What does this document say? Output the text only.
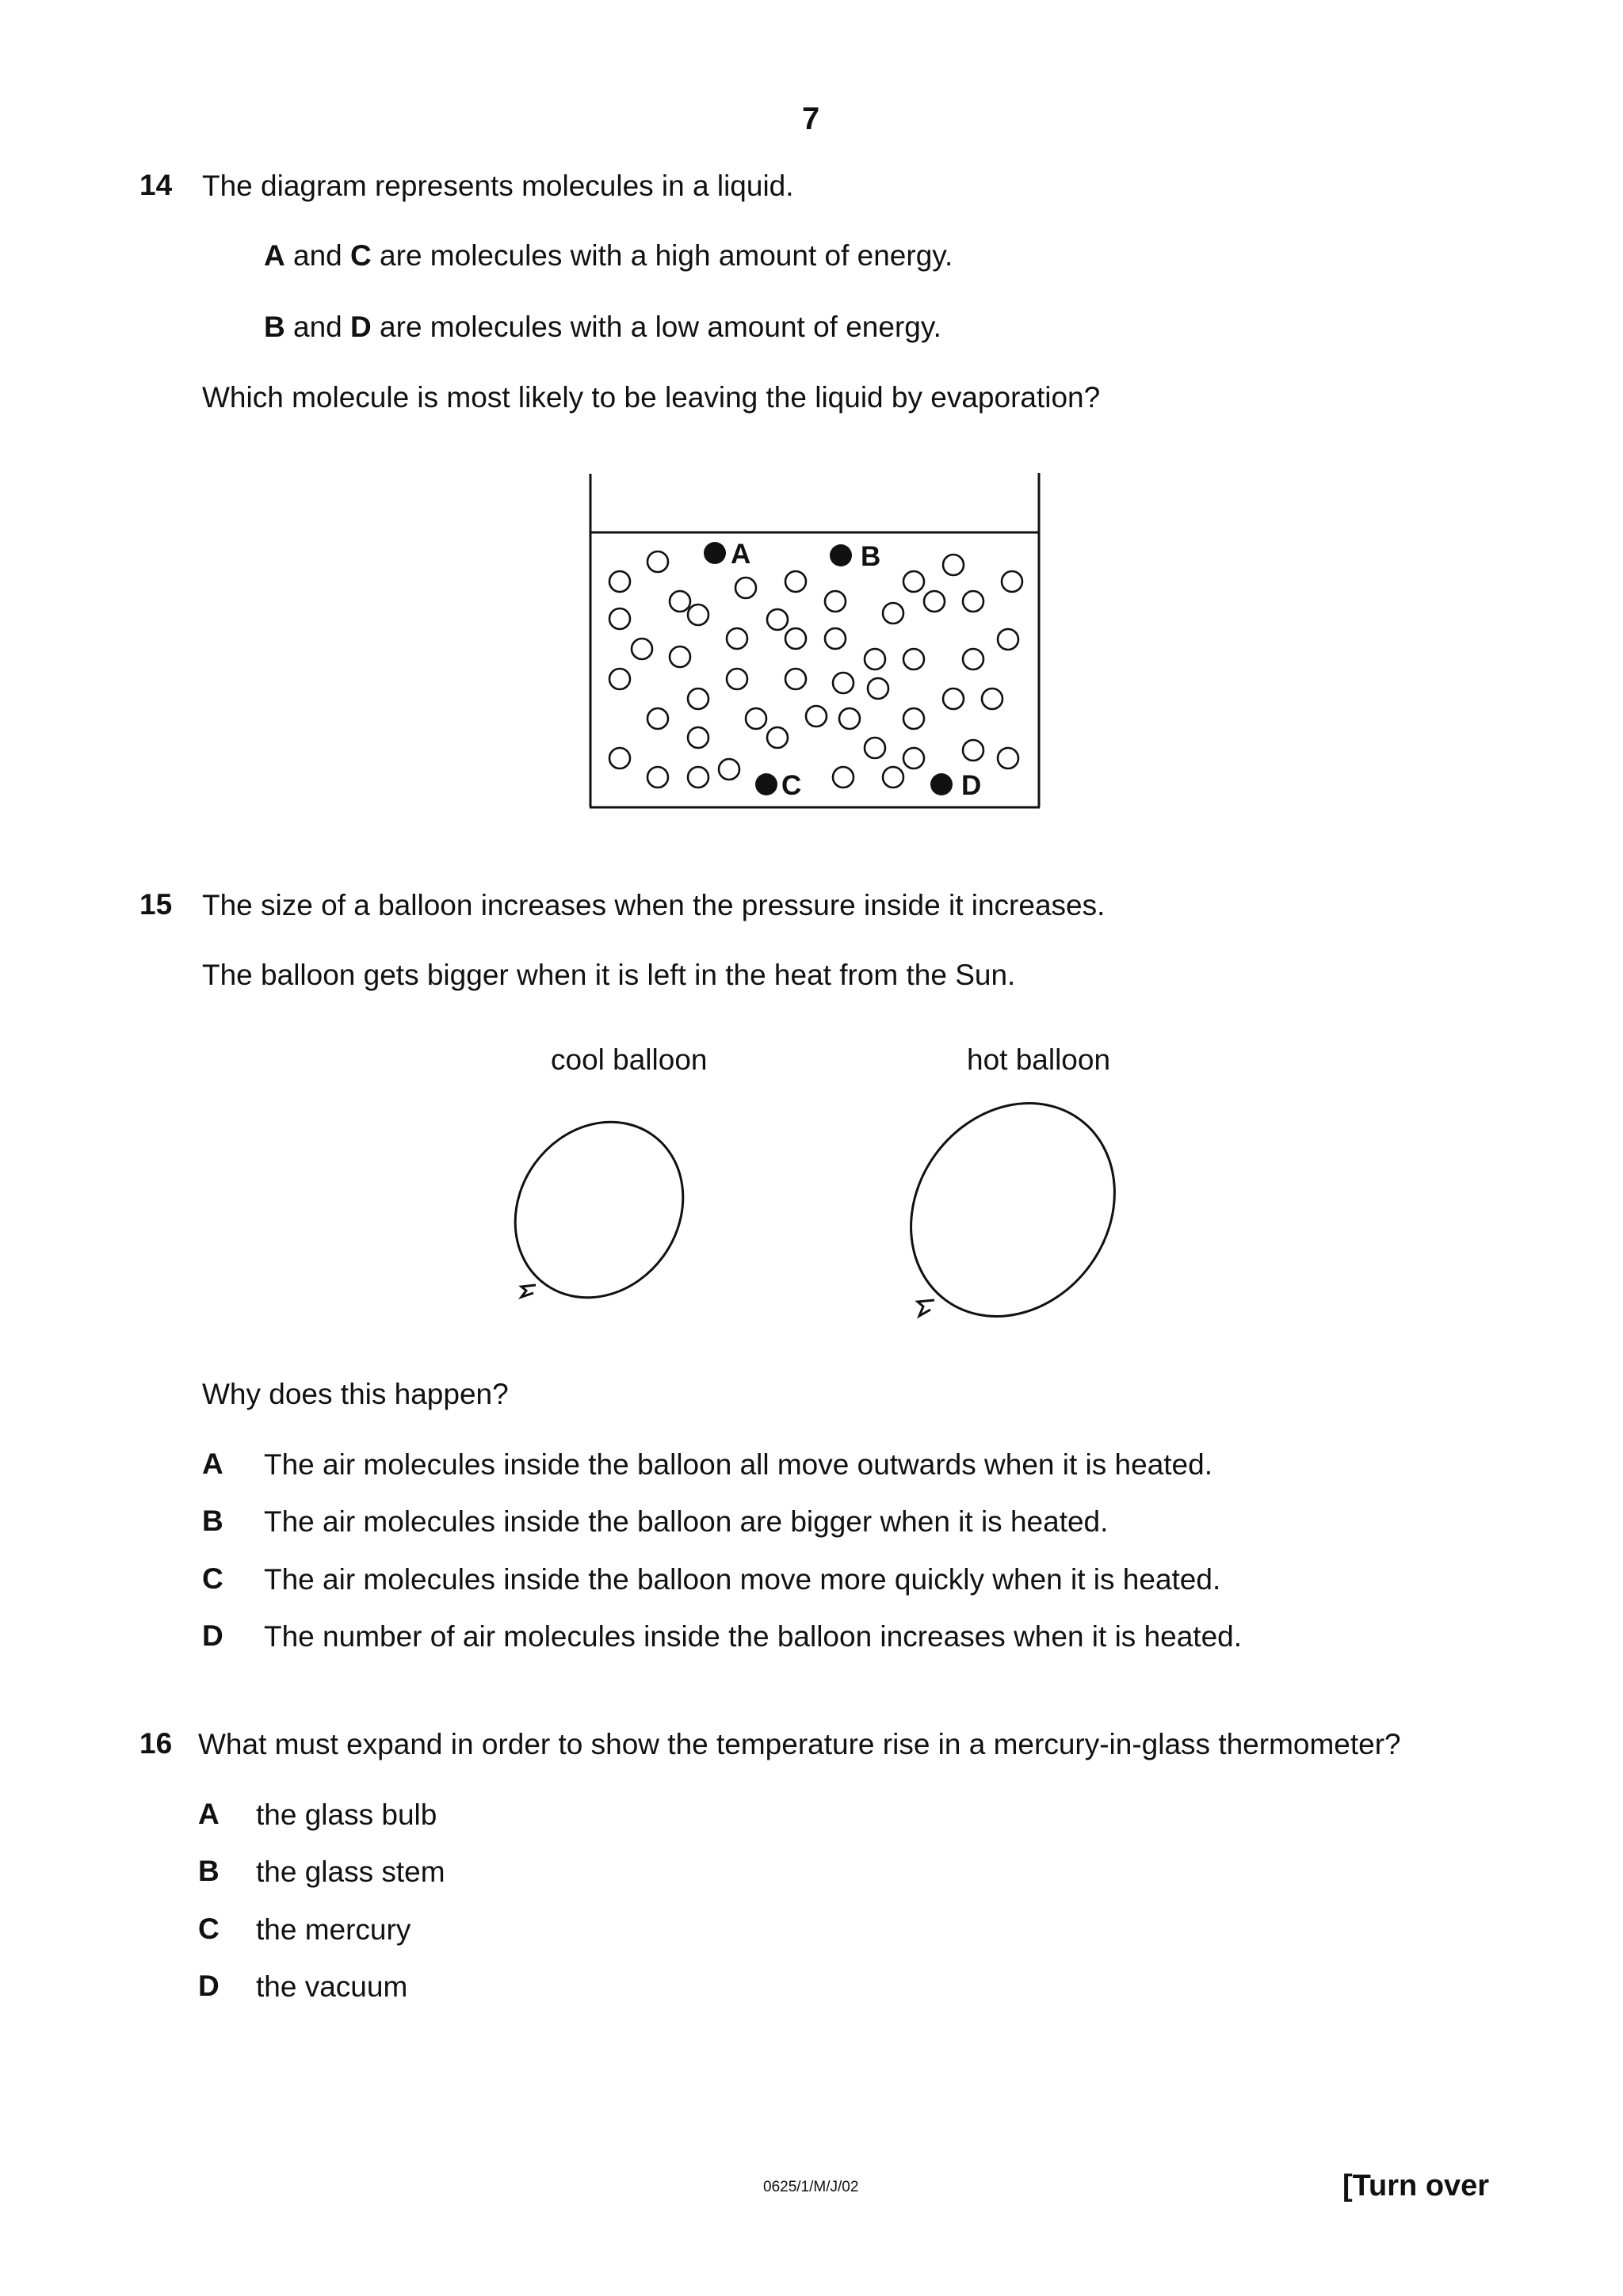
7
14 The diagram represents molecules in a liquid.
A and C are molecules with a high amount of energy.
B and D are molecules with a low amount of energy.
Which molecule is most likely to be leaving the liquid by evaporation?
A	B
C	D
15 The size of a balloon increases when the pressure inside it increases.
The balloon gets bigger when it is left in the heat from the Sun.
cool balloon	hot balloon
Why does this happen?
A The air molecules inside the balloon all move outwards when it is heated.
B The air molecules inside the balloon are bigger when it is heated.
C The air molecules inside the balloon move more quickly when it is heated.
D The number of air molecules inside the balloon increases when it is heated.
16 What must expand in order to show the temperature rise in a mercury-in-glass thermometer?
A the glass bulb
B the glass stem
C the mercury
D the vacuum
0625/1/M/J/02	[Turn over
